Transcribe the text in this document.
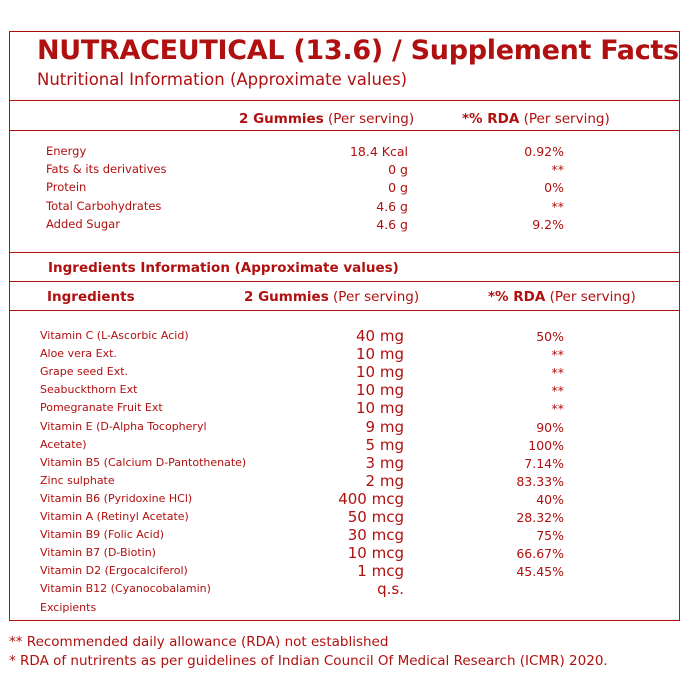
NUTRACEUTICAL (13.6) / Supplement Facts
Nutritional Information (Approximate values)
2 Gummies (Per serving)	*% RDA (Per serving)
Energy	18.4 Kcal	0.92%
Fats & its derivatives	0 g	**
Protein	0 g	0%
Total Carbohydrates	4.6 g	**
Added Sugar	4.6 g	9.2%
Ingredients Information (Approximate values)
Ingredients	2 Gummies (Per serving)	*% RDA (Per serving)
Vitamin C (L-Ascorbic Acid)	40 mg	50%
Aloe vera Ext.	10 mg	**
Grape seed Ext.	10 mg	**
Seabuckthorn Ext	10 mg	**
Pomegranate Fruit Ext	10 mg	**
Vitamin E (D-Alpha Tocopheryl	9 mg	90%
Acetate)	5 mg	100%
Vitamin B5 (Calcium D-Pantothenate)	3 mg	7.14%
Zinc sulphate	2 mg	83.33%
Vitamin B6 (Pyridoxine HCl)	400 mcg	40%
Vitamin A (Retinyl Acetate)	50 mcg	28.32%
Vitamin B9 (Folic Acid)	30 mcg	75%
Vitamin B7 (D-Biotin)	10 mcg	66.67%
Vitamin D2 (Ergocalciferol)	1 mcg	45.45%
Vitamin B12 (Cyanocobalamin)	q.s.
Excipients
** Recommended daily allowance (RDA) not established
* RDA of nutrirents as per guidelines of Indian Council Of Medical Research (ICMR) 2020.
